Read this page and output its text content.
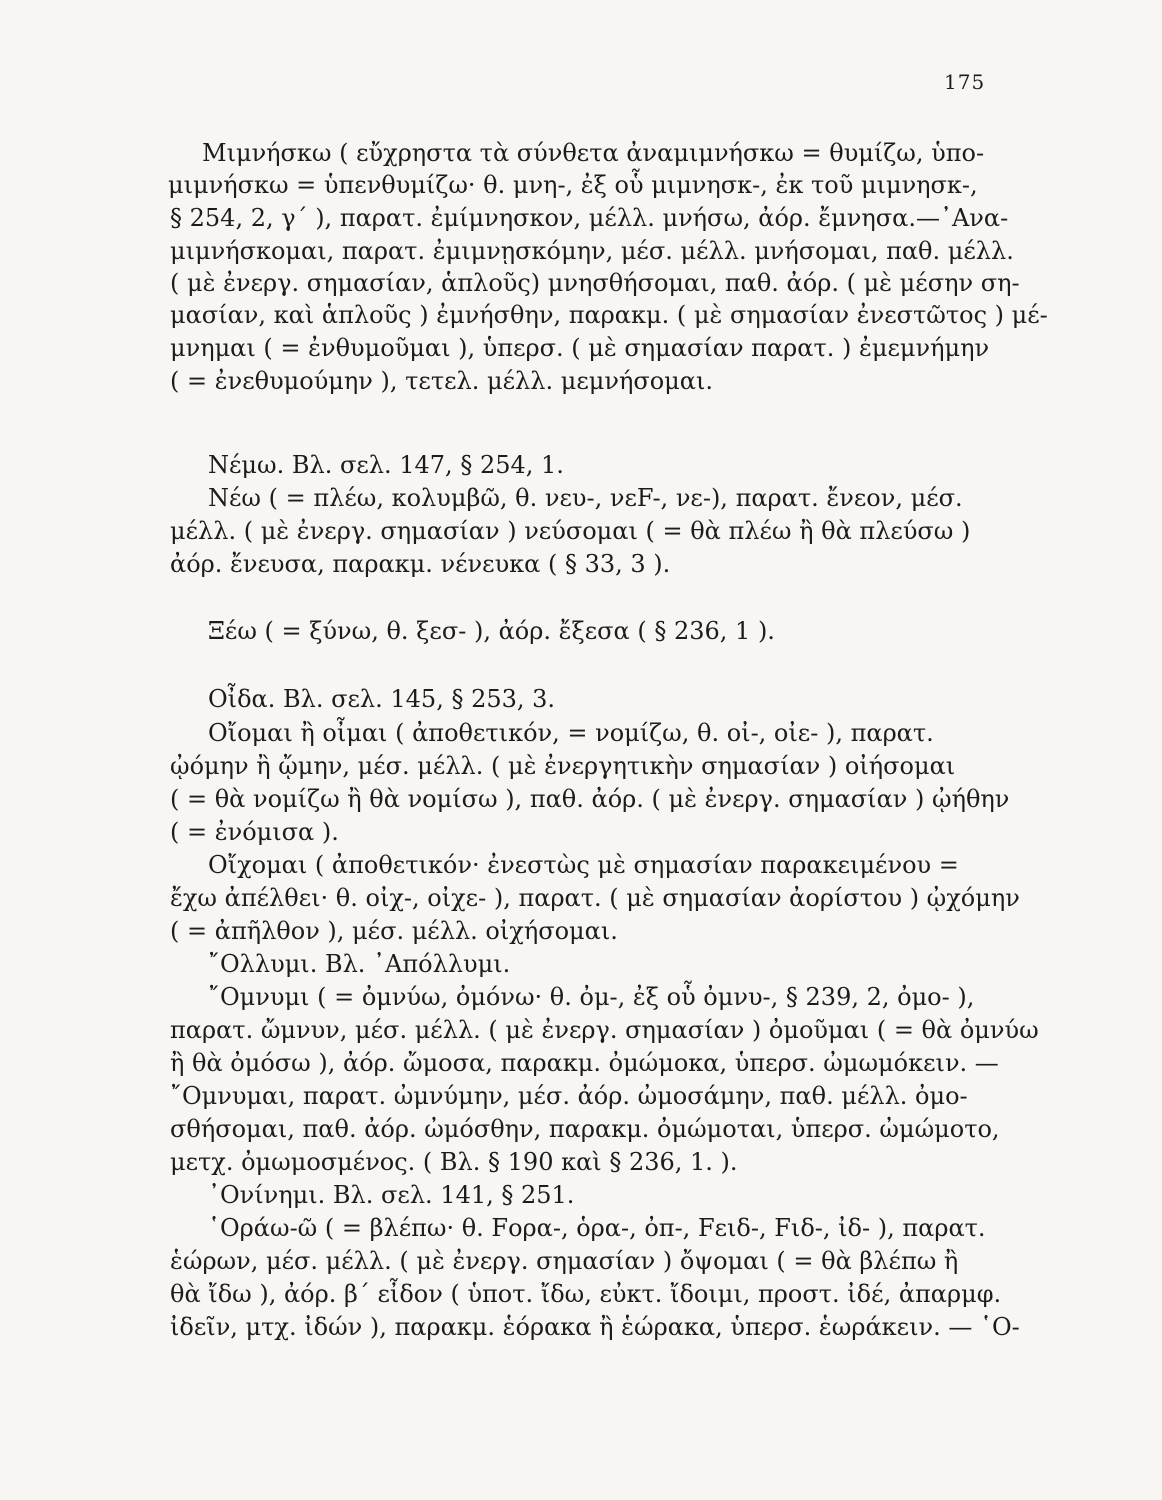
175
Μιμνήσκω ( εὔχρηστα τὰ σύνθετα ἀναμιμνήσκω = θυμίζω, ὑπο-
μιμνήσκω = ὑπενθυμίζω· θ. μνη-, ἐξ οὗ μιμνησκ-, ἐκ τοῦ μιμνησκ-,
§ 254, 2, γ΄ ), παρατ. ἐμίμνησκον, μέλλ. μνήσω, ἀόρ. ἔμνησα.—᾿Ανα-
μιμνήσκομαι, παρατ. ἐμιμνῃσκόμην, μέσ. μέλλ. μνήσομαι, παθ. μέλλ.
( μὲ ἐνεργ. σημασίαν, ἁπλοῦς) μνησθήσομαι, παθ. ἀόρ. ( μὲ μέσην ση-
μασίαν, καὶ ἁπλοῦς ) ἐμνήσθην, παρακμ. ( μὲ σημασίαν ἐνεστῶτος ) μέ-
μνημαι ( = ἐνθυμοῦμαι ), ὑπερσ. ( μὲ σημασίαν παρατ. ) ἐμεμνήμην
( = ἐνεθυμούμην ), τετελ. μέλλ. μεμνήσομαι.
Νέμω. Βλ. σελ. 147, § 254, 1.
Νέω ( = πλέω, κολυμβῶ, θ. νευ-, νεF-, νε-), παρατ. ἔνεον, μέσ.
μέλλ. ( μὲ ἐνεργ. σημασίαν ) νεύσομαι ( = θὰ πλέω ἢ θὰ πλεύσω )
ἀόρ. ἔνευσα, παρακμ. νένευκα ( § 33, 3 ).
Ξέω ( = ξύνω, θ. ξεσ- ), ἀόρ. ἔξεσα ( § 236, 1 ).
Οἶδα. Βλ. σελ. 145, § 253, 3.
Οἴομαι ἢ οἶμαι ( ἀποθετικόν, = νομίζω, θ. οἰ-, οἰε- ), παρατ.
ᾠόμην ἢ ᾤμην, μέσ. μέλλ. ( μὲ ἐνεργητικὴν σημασίαν ) οἰήσομαι
( = θὰ νομίζω ἢ θὰ νομίσω ), παθ. ἀόρ. ( μὲ ἐνεργ. σημασίαν ) ᾠήθην
( = ἐνόμισα ).
Οἴχομαι ( ἀποθετικόν· ἐνεστὼς μὲ σημασίαν παρακειμένου =
ἔχω ἀπέλθει· θ. οἰχ-, οἰχε- ), παρατ. ( μὲ σημασίαν ἀορίστου ) ᾠχόμην
( = ἀπῆλθον ), μέσ. μέλλ. οἰχήσομαι.
῎Ολλυμι. Βλ. ᾿Απόλλυμι.
῎Ομνυμι ( = ὀμνύω, ὀμόνω· θ. ὀμ-, ἐξ οὗ ὀμνυ-, § 239, 2, ὀμο- ),
παρατ. ὤμνυν, μέσ. μέλλ. ( μὲ ἐνεργ. σημασίαν ) ὀμοῦμαι ( = θὰ ὀμνύω
ἢ θὰ ὀμόσω ), ἀόρ. ὤμοσα, παρακμ. ὀμώμοκα, ὑπερσ. ὠμωμόκειν. —
῎Ομνυμαι, παρατ. ὠμνύμην, μέσ. ἀόρ. ὠμοσάμην, παθ. μέλλ. ὀμο-
σθήσομαι, παθ. ἀόρ. ὠμόσθην, παρακμ. ὀμώμοται, ὑπερσ. ὠμώμοτο,
μετχ. ὀμωμοσμένος. ( Βλ. § 190 καὶ § 236, 1. ).
᾿Ονίνημι. Βλ. σελ. 141, § 251.
῾Οράω-ῶ ( = βλέπω· θ. Fορα-, ὁρα-, ὀπ-, Fειδ-, Fιδ-, ἰδ- ), παρατ.
ἑώρων, μέσ. μέλλ. ( μὲ ἐνεργ. σημασίαν ) ὄψομαι ( = θὰ βλέπω ἢ
θὰ ἴδω ), ἀόρ. β΄ εἶδον ( ὑποτ. ἴδω, εὐκτ. ἴδοιμι, προστ. ἰδέ, ἀπαρμφ.
ἰδεῖν, μτχ. ἰδών ), παρακμ. ἑόρακα ἢ ἑώρακα, ὑπερσ. ἑωράκειν. — ῾Ο-
